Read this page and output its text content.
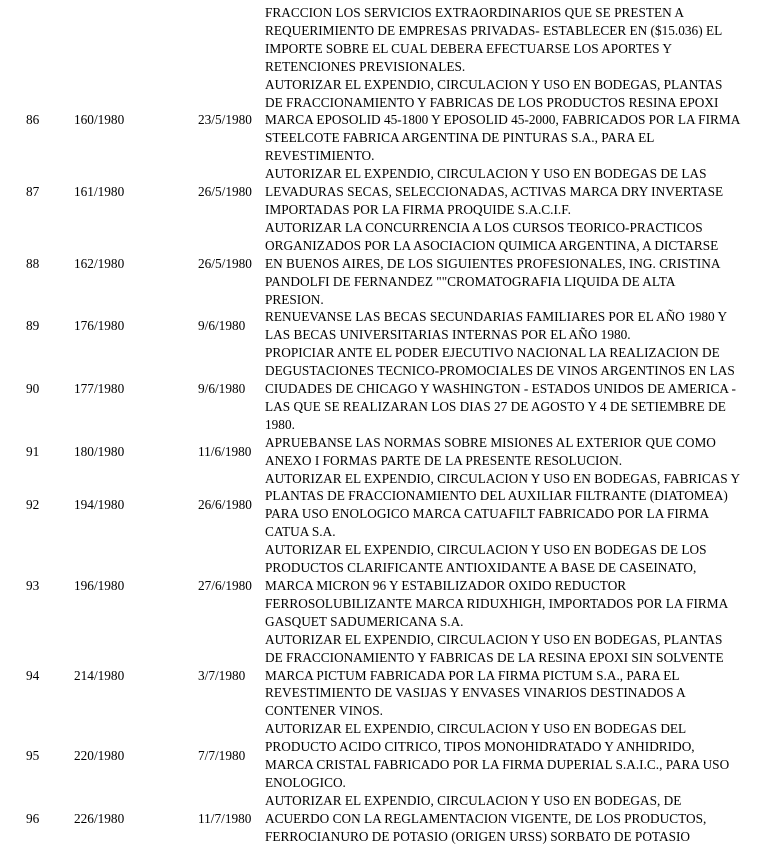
			FRACCION LOS SERVICIOS EXTRAORDINARIOS QUE SE PRESTEN A
REQUERIMIENTO DE EMPRESAS PRIVADAS- ESTABLECER EN ($15.036) EL
IMPORTE SOBRE EL CUAL DEBERA EFECTUARSE LOS APORTES Y
RETENCIONES PREVISIONALES.
86	160/1980	23/5/1980	AUTORIZAR EL EXPENDIO, CIRCULACION Y USO EN BODEGAS, PLANTAS
DE FRACCIONAMIENTO Y FABRICAS DE LOS PRODUCTOS RESINA EPOXI
MARCA EPOSOLID 45-1800 Y EPOSOLID 45-2000, FABRICADOS POR LA FIRMA
STEELCOTE FABRICA ARGENTINA DE PINTURAS S.A., PARA EL
REVESTIMIENTO.
87	161/1980	26/5/1980	AUTORIZAR EL EXPENDIO, CIRCULACION Y USO EN BODEGAS DE LAS
LEVADURAS SECAS, SELECCIONADAS, ACTIVAS MARCA DRY INVERTASE
IMPORTADAS POR LA FIRMA PROQUIDE S.A.C.I.F.
88	162/1980	26/5/1980	AUTORIZAR LA CONCURRENCIA A LOS CURSOS TEORICO-PRACTICOS
ORGANIZADOS POR LA ASOCIACION QUIMICA ARGENTINA, A DICTARSE
EN BUENOS AIRES, DE LOS SIGUIENTES PROFESIONALES, ING. CRISTINA
PANDOLFI DE FERNANDEZ ""CROMATOGRAFIA LIQUIDA DE ALTA
PRESION.
89	176/1980	9/6/1980	RENUEVANSE LAS BECAS SECUNDARIAS FAMILIARES POR EL AÑO 1980 Y
LAS BECAS UNIVERSITARIAS INTERNAS POR EL AÑO 1980.
90	177/1980	9/6/1980	PROPICIAR ANTE EL PODER EJECUTIVO NACIONAL LA REALIZACION DE
DEGUSTACIONES TECNICO-PROMOCIALES DE VINOS ARGENTINOS EN LAS
CIUDADES DE CHICAGO Y WASHINGTON - ESTADOS UNIDOS DE AMERICA -
LAS QUE SE REALIZARAN LOS DIAS 27 DE AGOSTO Y 4 DE SETIEMBRE DE
1980.
91	180/1980	11/6/1980	APRUEBANSE LAS NORMAS SOBRE MISIONES AL EXTERIOR QUE COMO
ANEXO I FORMAS PARTE DE LA PRESENTE RESOLUCION.
92	194/1980	26/6/1980	AUTORIZAR EL EXPENDIO, CIRCULACION Y USO EN BODEGAS, FABRICAS Y
PLANTAS DE FRACCIONAMIENTO DEL AUXILIAR FILTRANTE (DIATOMEA)
PARA USO ENOLOGICO MARCA CATUAFILT FABRICADO POR LA FIRMA
CATUA S.A.
93	196/1980	27/6/1980	AUTORIZAR EL EXPENDIO, CIRCULACION Y USO EN BODEGAS DE LOS
PRODUCTOS CLARIFICANTE ANTIOXIDANTE A BASE DE CASEINATO,
MARCA MICRON 96 Y ESTABILIZADOR OXIDO REDUCTOR
FERROSOLUBILIZANTE MARCA RIDUXHIGH, IMPORTADOS POR LA FIRMA
GASQUET SADUMERICANA S.A.
94	214/1980	3/7/1980	AUTORIZAR EL EXPENDIO, CIRCULACION Y USO EN BODEGAS, PLANTAS
DE FRACCIONAMIENTO Y FABRICAS DE LA RESINA EPOXI SIN SOLVENTE
MARCA PICTUM FABRICADA POR LA FIRMA PICTUM S.A., PARA EL
REVESTIMIENTO DE VASIJAS Y ENVASES VINARIOS DESTINADOS A
CONTENER VINOS.
95	220/1980	7/7/1980	AUTORIZAR EL EXPENDIO, CIRCULACION Y USO EN BODEGAS DEL
PRODUCTO ACIDO CITRICO, TIPOS MONOHIDRATADO Y ANHIDRIDO,
MARCA CRISTAL FABRICADO POR LA FIRMA DUPERIAL S.A.I.C., PARA USO
ENOLOGICO.
96	226/1980	11/7/1980	AUTORIZAR EL EXPENDIO, CIRCULACION Y USO EN BODEGAS, DE
ACUERDO CON LA REGLAMENTACION VIGENTE, DE LOS PRODUCTOS,
FERROCIANURO DE POTASIO (ORIGEN URSS) SORBATO DE POTASIO
